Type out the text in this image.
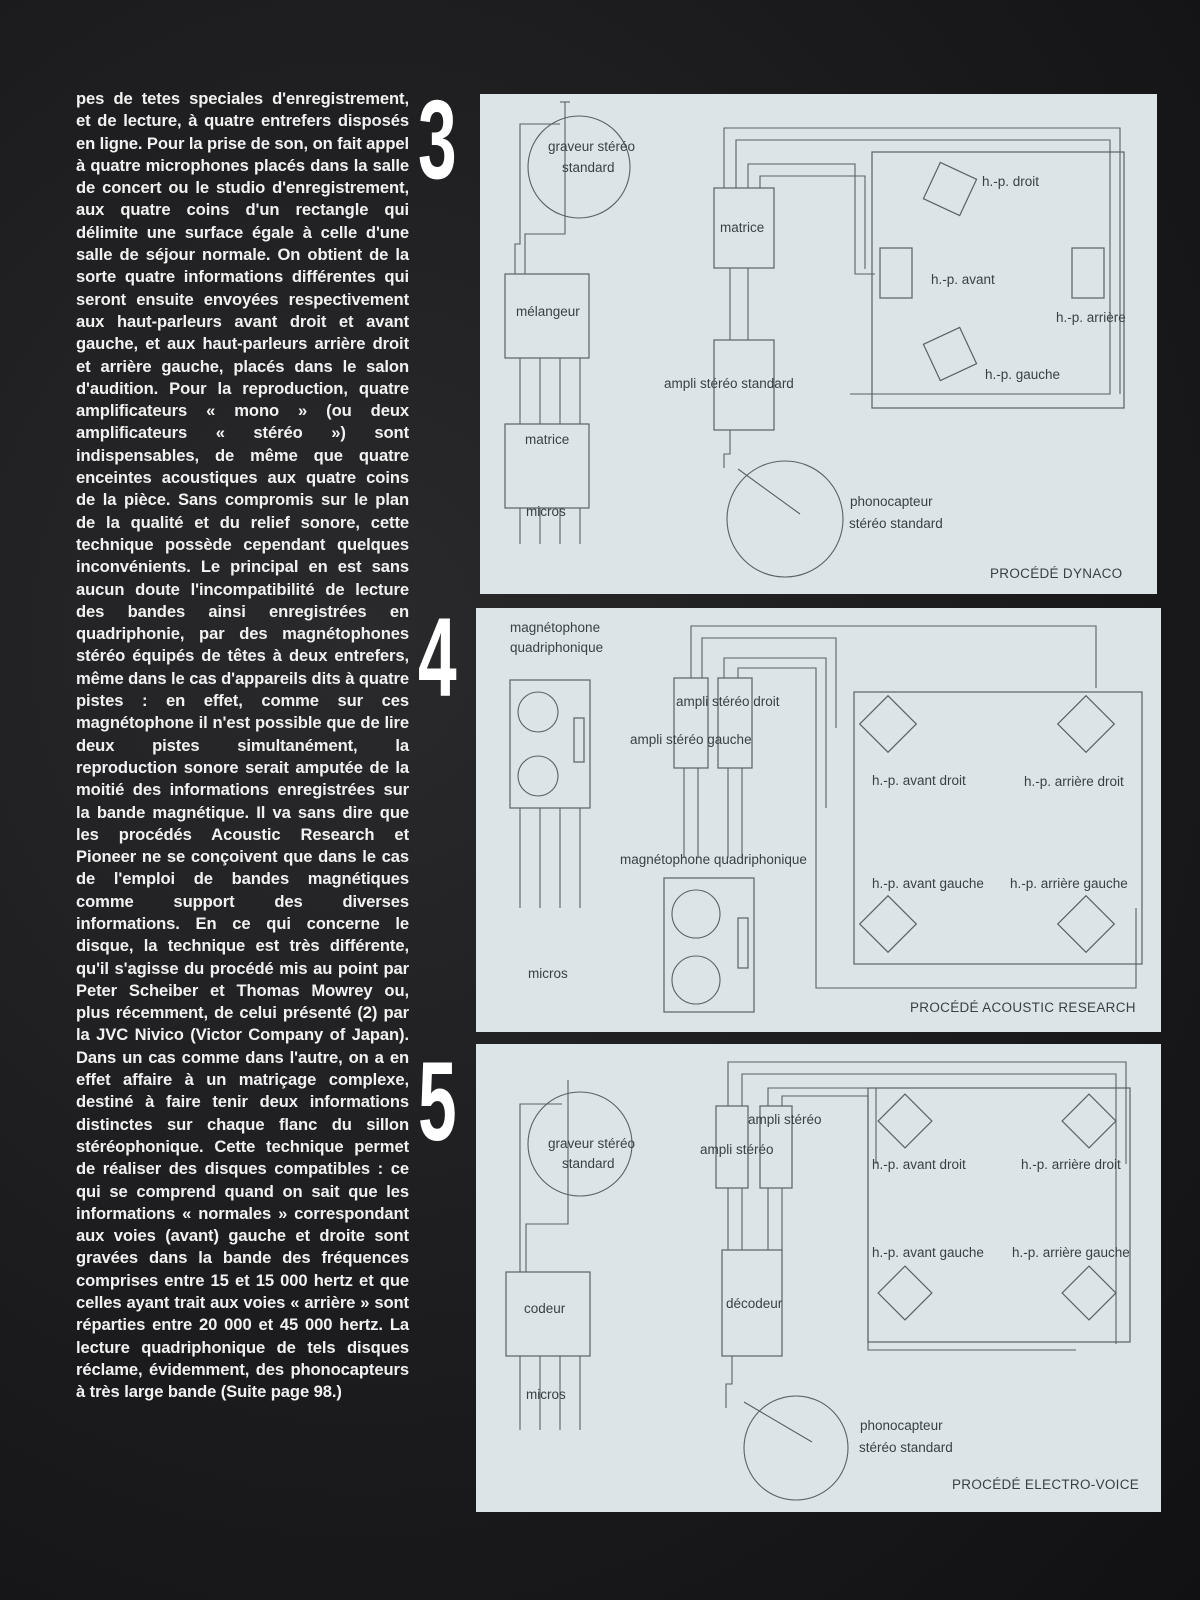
pes de tetes speciales d'enregistrement, et de lecture, à quatre entrefers disposés en ligne. Pour la prise de son, on fait appel à quatre microphones placés dans la salle de concert ou le studio d'enregistrement, aux quatre coins d'un rectangle qui délimite une surface égale à celle d'une salle de séjour normale. On obtient de la sorte quatre informations différentes qui seront ensuite envoyées respectivement aux haut-parleurs avant droit et avant gauche, et aux haut-parleurs arrière droit et arrière gauche, placés dans le salon d'audition. Pour la reproduction, quatre amplificateurs « mono » (ou deux amplificateurs « stéréo ») sont indispensables, de même que quatre enceintes acoustiques aux quatre coins de la pièce. Sans compromis sur le plan de la qualité et du relief sonore, cette technique possède cependant quelques inconvénients. Le principal en est sans aucun doute l'incompatibilité de lecture des bandes ainsi enregistrées en quadriphonie, par des magnétophones stéréo équipés de têtes à deux entrefers, même dans le cas d'appareils dits à quatre pistes : en effet, comme sur ces magnétophone il n'est possible que de lire deux pistes simultanément, la reproduction sonore serait amputée de la moitié des informations enregistrées sur la bande magnétique. Il va sans dire que les procédés Acoustic Research et Pioneer ne se conçoivent que dans le cas de l'emploi de bandes magnétiques comme support des diverses informations. En ce qui concerne le disque, la technique est très différente, qu'il s'agisse du procédé mis au point par Peter Scheiber et Thomas Mowrey ou, plus récemment, de celui présenté (2) par la JVC Nivico (Victor Company of Japan). Dans un cas comme dans l'autre, on a en effet affaire à un matriçage complexe, destiné à faire tenir deux informations distinctes sur chaque flanc du sillon stéréophonique. Cette technique permet de réaliser des disques compatibles : ce qui se comprend quand on sait que les informations « normales » correspondant aux voies (avant) gauche et droite sont gravées dans la bande des fréquences comprises entre 15 et 15 000 hertz et que celles ayant trait aux voies « arrière » sont réparties entre 20 000 et 45 000 hertz. La lecture quadriphonique de tels disques réclame, évidemment, des phonocapteurs à très large bande (Suite page 98.)

3	graveur stéréo
standard
mélangeur
matrice
micros
matrice
ampli stéréo standard
phonocapteur
stéréo standard
h.-p. droit
h.-p. avant
h.-p. arrière
h.-p. gauche
PROCÉDÉ DYNACO
4	magnétophone
quadriphonique
micros
ampli stéréo droit
ampli stéréo gauche
magnétophone quadriphonique
h.-p. avant droit	h.-p. arrière droit
h.-p. avant gauche h.-p. arrière gauche
PROCÉDÉ ACOUSTIC RESEARCH
5	graveur stéréo
standard
codeur
micros
ampli stéréo
ampli stéréo
décodeur
phonocapteur
stéréo standard
h.-p. avant droit	h.-p. arrière droit
h.-p. avant gauche h.-p. arrière gauche
PROCÉDÉ ELECTRO-VOICE
